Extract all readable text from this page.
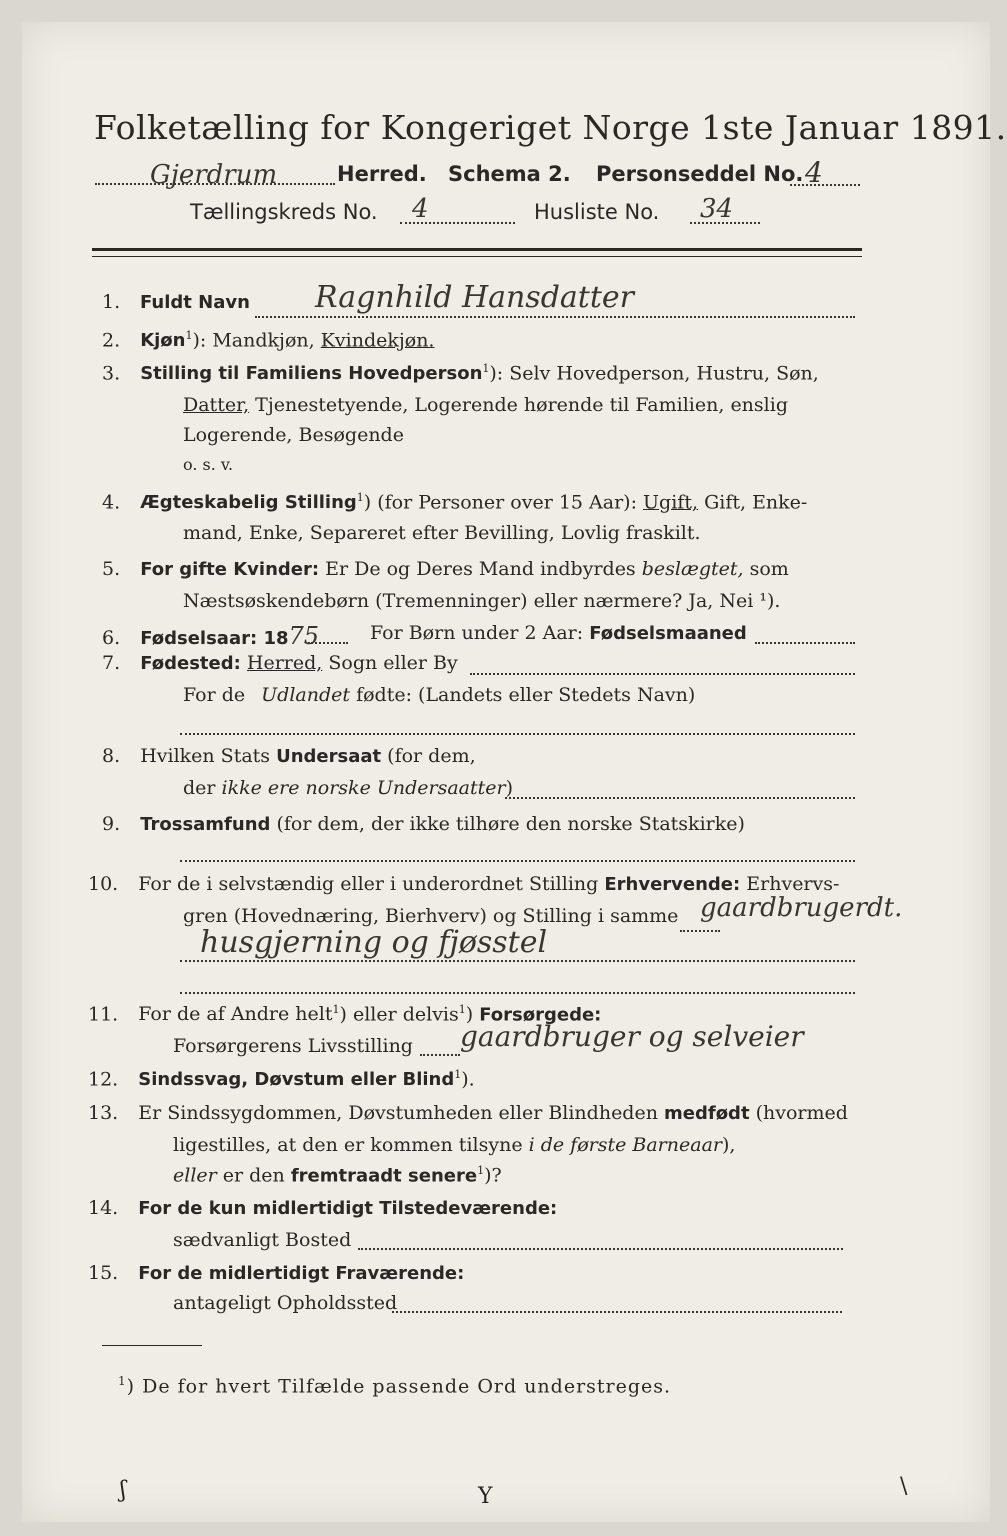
Folketælling for Kongeriget Norge 1ste Januar 1891.
Gjerdrum	Herred. Schema 2. Personseddel No. 4
Tællingskreds No. 4	Husliste No. 34
1. Fuldt Navn Ragnhild Hansdatter
2. Kjøn$^1$): Mandkjøn, Kvindekjøn.
3. Stilling til Familiens Hovedperson$^1$): Selv Hovedperson, Hustru, Søn,
Datter, Tjenestetyende, Logerende hørende til Familien, enslig
Logerende, Besøgende
o. s. v.
4. Ægteskabelig Stilling$^1$) (for Personer over 15 Aar): Ugift, Gift, Enke-
mand, Enke, Separeret efter Bevilling, Lovlig fraskilt.
5. For gifte Kvinder: Er De og Deres Mand indbyrdes beslægtet, som
Næstsøskendebørn (Tremenninger) eller nærmere? Ja, Nei ¹).
6. Fødselsaar: 1875	For Børn under 2 Aar: Fødselsmaaned
7. Fødested: Herred, Sogn eller By
For de Udlandet fødte: (Landets eller Stedets Navn)
8. Hvilken Stats Undersaat (for dem,
der ikke ere norske Undersaatter)
9. Trossamfund (for dem, der ikke tilhøre den norske Statskirke)
10. For de i selvstændig eller i underordnet Stilling Erhvervende: Erhvervs-
gren (Hovednæring, Bierhverv) og Stilling i samme gaardbrugerdt.
husgjerning og fjøsstel
11. For de af Andre helt$^1$) eller delvis$^1$) Forsørgede:
Forsørgerens Livsstilling gaardbruger og selveier
12. Sindssvag, Døvstum eller Blind$^1$).
13. Er Sindssygdommen, Døvstumheden eller Blindheden medfødt (hvormed
ligestilles, at den er kommen tilsyne i de første Barneaar),
eller er den fremtraadt senere$^1$)?
14. For de kun midlertidigt Tilstedeværende:
sædvanligt Bosted
15. For de midlertidigt Fraværende:
antageligt Opholdssted
$^1$) De for hvert Tilfælde passende Ord understreges.
ʃ	Y	\
